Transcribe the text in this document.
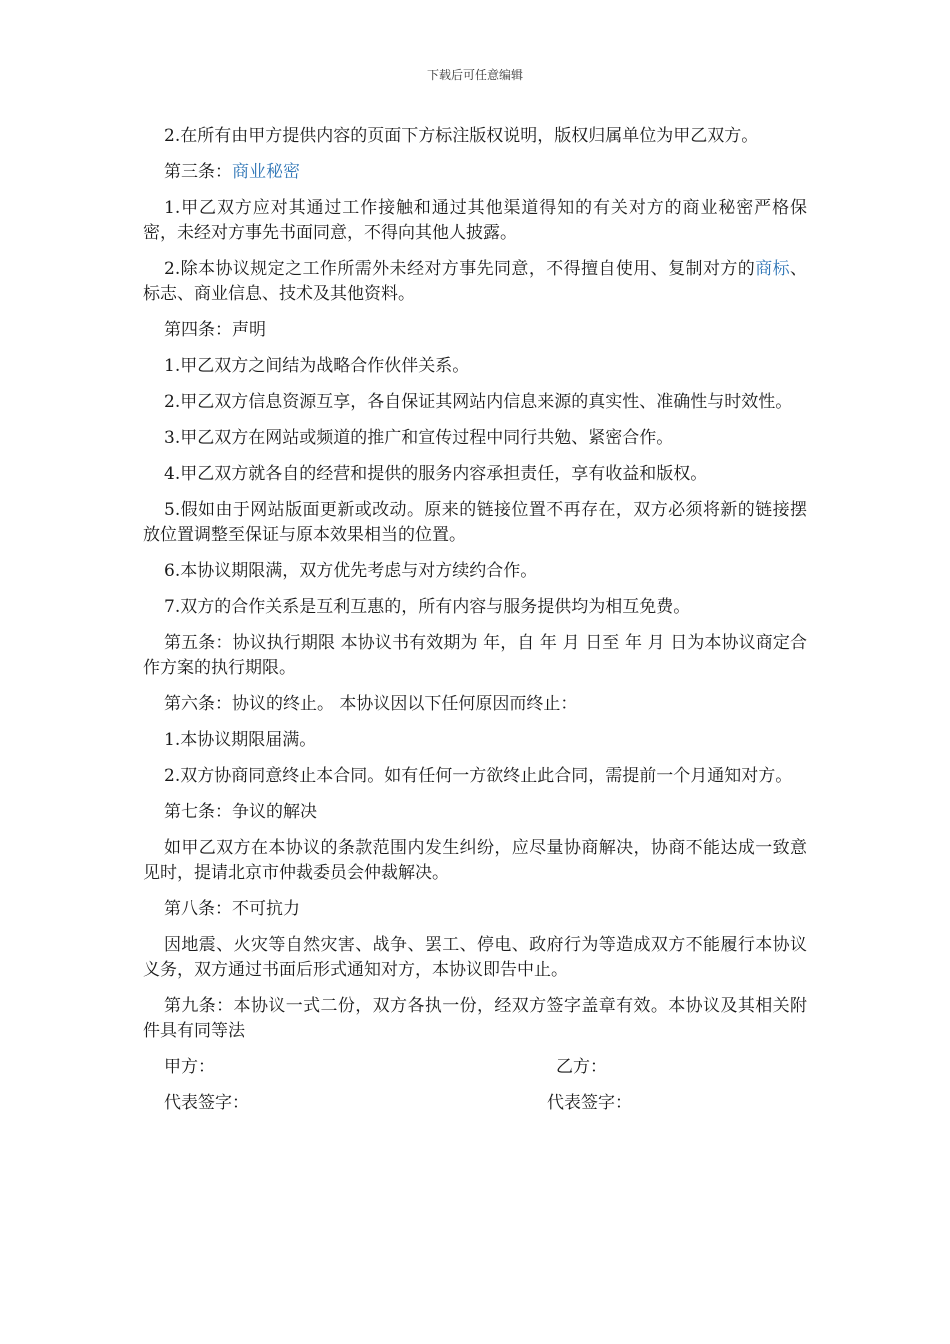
下载后可任意编辑

2.在所有由甲方提供内容的页面下方标注版权说明，版权归属单位为甲乙双方。

第三条：商业秘密

1.甲乙双方应对其通过工作接触和通过其他渠道得知的有关对方的商业秘密严格保密，未经对方事先书面同意，不得向其他人披露。

2.除本协议规定之工作所需外未经对方事先同意，不得擅自使用、复制对方的商标、标志、商业信息、技术及其他资料。

第四条：声明

1.甲乙双方之间结为战略合作伙伴关系。

2.甲乙双方信息资源互享，各自保证其网站内信息来源的真实性、准确性与时效性。

3.甲乙双方在网站或频道的推广和宣传过程中同行共勉、紧密合作。

4.甲乙双方就各自的经营和提供的服务内容承担责任，享有收益和版权。

5.假如由于网站版面更新或改动。原来的链接位置不再存在，双方必须将新的链接摆放位置调整至保证与原本效果相当的位置。

6.本协议期限满，双方优先考虑与对方续约合作。

7.双方的合作关系是互利互惠的，所有内容与服务提供均为相互免费。

第五条：协议执行期限 本协议书有效期为 年，自 年 月 日至 年 月 日为本协议商定合作方案的执行期限。

第六条：协议的终止。 本协议因以下任何原因而终止：

1.本协议期限届满。

2.双方协商同意终止本合同。如有任何一方欲终止此合同，需提前一个月通知对方。

第七条：争议的解决

如甲乙双方在本协议的条款范围内发生纠纷，应尽量协商解决，协商不能达成一致意见时，提请北京市仲裁委员会仲裁解决。

第八条：不可抗力

因地震、火灾等自然灾害、战争、罢工、停电、政府行为等造成双方不能履行本协议义务，双方通过书面后形式通知对方，本协议即告中止。

第九条：本协议一式二份，双方各执一份，经双方签字盖章有效。本协议及其相关附件具有同等法

甲方：	乙方：
代表签字：	代表签字：
